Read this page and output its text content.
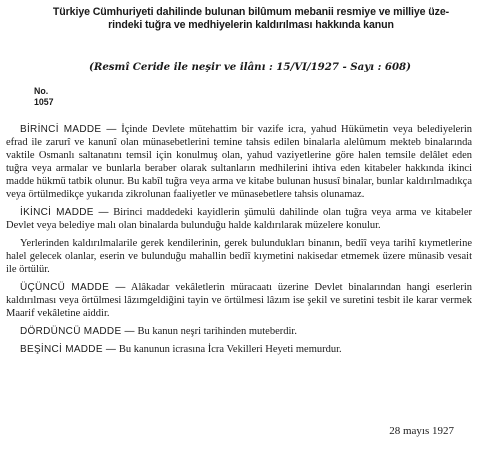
Türkiye Cümhuriyeti dahilinde bulunan bilûmum mebanii resmiye ve milliye üze-
rindeki tuğra ve medhiyelerin kaldırılması hakkında kanun
(Resmî Ceride ile neşir ve ilânı : 15/VI/1927 - Sayı : 608)
No.
1057

BİRİNCİ MADDE — İçinde Devlete mütehattim bir vazife icra, yahud Hükümetin veya belediyelerin efrad ile zarurî ve kanunî olan münasebetlerini temine tahsis edilen binalarla alelûmum mekteb binalarında vaktile Osmanlı saltanatını temsil için konulmuş olan, yahud vaziyetlerine göre halen temsile delâlet eden tuğra veya armalar ve bunlarla beraber olarak sultanların medhilerini ihtiva eden kitabeler hakkında ikinci madde hükmü tatbik olunur. Bu kabîl tuğra veya arma ve kitabe bulunan hususî binalar, bunlar kaldırılmadıkça veya örtülmedikçe yukarıda zikrolunan faaliyetler ve münasebetlere tahsis olunamaz.

İKİNCİ MADDE — Birinci maddedeki kayidlerin şümulü dahilinde olan tuğra veya arma ve kitabeler Devlet veya belediye malı olan binalarda bulunduğu halde kaldırılarak müzelere konulur.

Yerlerinden kaldırılmalarile gerek kendilerinin, gerek bulundukları binanın, bedîî veya tarihî kıymetlerine halel gelecek olanlar, eserin ve bulunduğu mahallin bedîî kıymetini nakisedar etmemek üzere münasib vesait ile örtülür.

ÜÇÜNCÜ MADDE — Alâkadar vekâletlerin müracaatı üzerine Devlet binalarından hangi eserlerin kaldırılması veya örtülmesi lâzımgeldiğini tayin ve örtülmesi lâzım ise şekil ve suretini tesbit ile karar vermek Maarif vekâletine aiddir.

DÖRDÜNCÜ MADDE — Bu kanun neşri tarihinden muteberdir.

BEŞİNCİ MADDE — Bu kanunun icrasına İcra Vekilleri Heyeti memurdur.

28 mayıs 1927
